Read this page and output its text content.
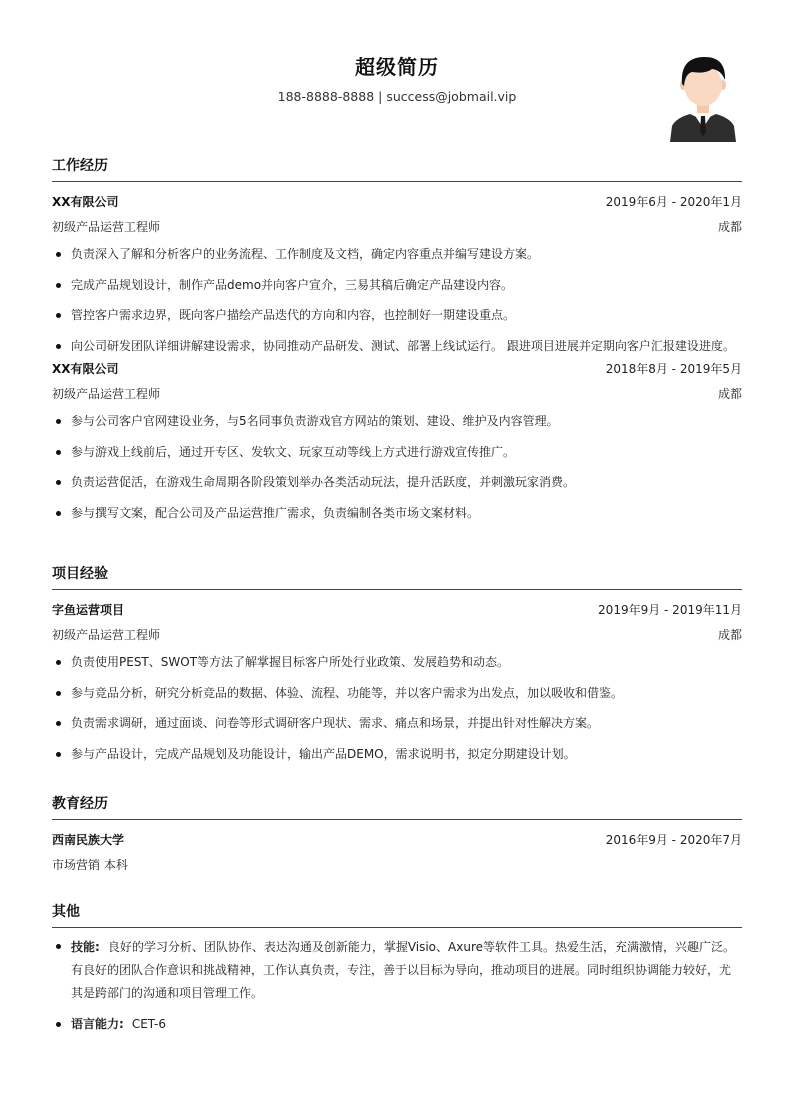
超级简历
188-8888-8888 | success@jobmail.vip
工作经历
XX有限公司	2019年6月 - 2020年1月
初级产品运营工程师	成都
负责深入了解和分析客户的业务流程、工作制度及文档，确定内容重点并编写建设方案。
完成产品规划设计，制作产品demo并向客户宣介，三易其稿后确定产品建设内容。
管控客户需求边界，既向客户描绘产品迭代的方向和内容，也控制好一期建设重点。
向公司研发团队详细讲解建设需求，协同推动产品研发、测试、部署上线试运行。 跟进项目进展并定期向客户汇报建设进度。
XX有限公司	2018年8月 - 2019年5月
初级产品运营工程师	成都
参与公司客户官网建设业务，与5名同事负责游戏官方网站的策划、建设、维护及内容管理。
参与游戏上线前后，通过开专区、发软文、玩家互动等线上方式进行游戏宣传推广。
负责运营促活，在游戏生命周期各阶段策划举办各类活动玩法，提升活跃度，并刺激玩家消费。
参与撰写文案，配合公司及产品运营推广需求，负责编制各类市场文案材料。
项目经验
字鱼运营项目	2019年9月 - 2019年11月
初级产品运营工程师	成都
负责使用PEST、SWOT等方法了解掌握目标客户所处行业政策、发展趋势和动态。
参与竞品分析，研究分析竞品的数据、体验、流程、功能等，并以客户需求为出发点，加以吸收和借鉴。
负责需求调研，通过面谈、问卷等形式调研客户现状、需求、痛点和场景，并提出针对性解决方案。
参与产品设计，完成产品规划及功能设计，输出产品DEMO，需求说明书，拟定分期建设计划。
教育经历
西南民族大学	2016年9月 - 2020年7月
市场营销 本科
其他
技能: 良好的学习分析、团队协作、表达沟通及创新能力，掌握Visio、Axure等软件工具。热爱生活，充满激情，兴趣广泛。有良好的团队合作意识和挑战精神，工作认真负责，专注，善于以目标为导向，推动项目的进展。同时组织协调能力较好，尤其是跨部门的沟通和项目管理工作。
语言能力: CET-6
